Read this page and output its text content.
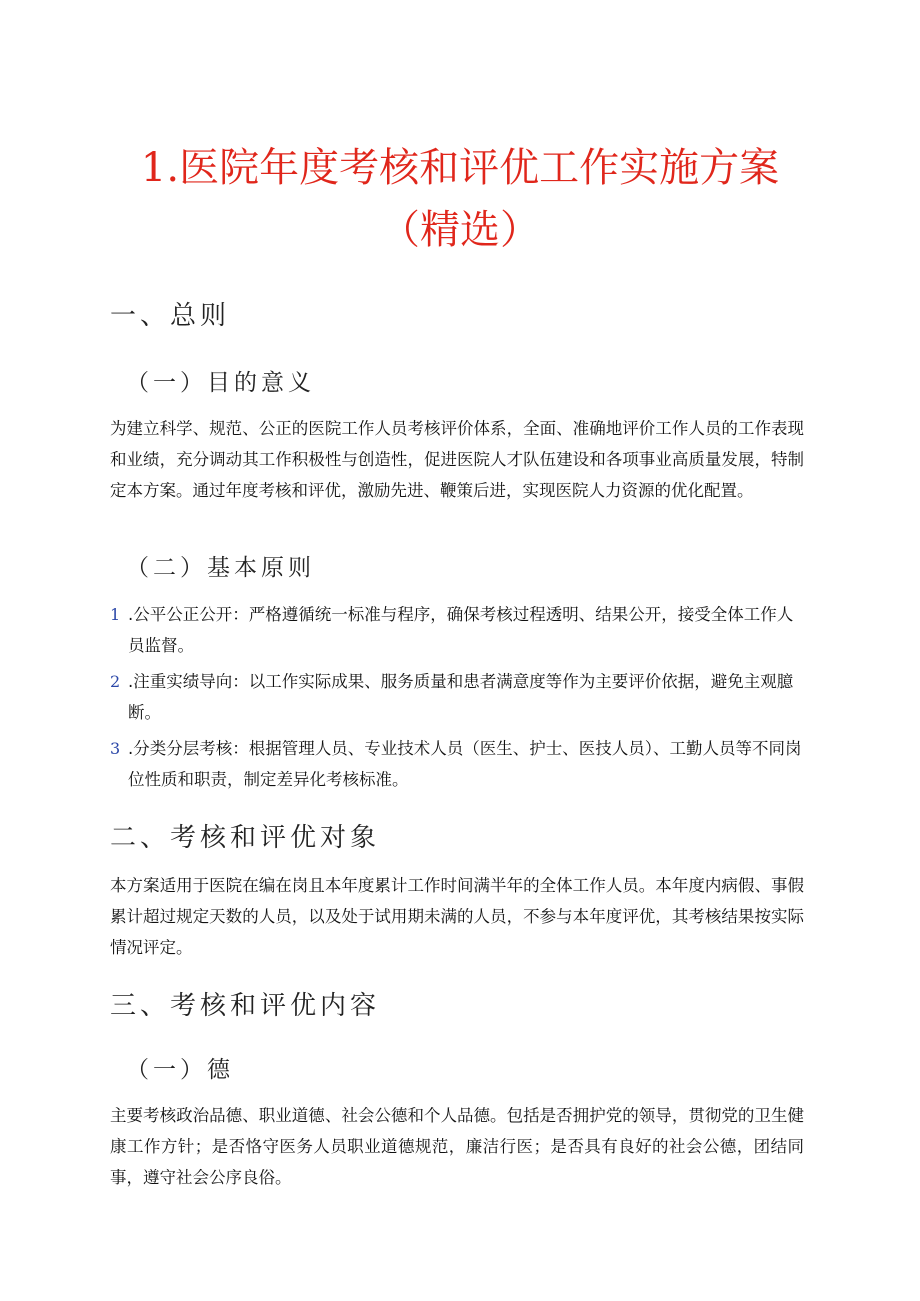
1.医院年度考核和评优工作实施方案
（精选）
一、总则
（一）目的意义

为建立科学、规范、公正的医院工作人员考核评价体系，全面、准确地评价工作人员的工作表现和业绩，充分调动其工作积极性与创造性，促进医院人才队伍建设和各项事业高质量发展，特制定本方案。通过年度考核和评优，激励先进、鞭策后进，实现医院人力资源的优化配置。

（二）基本原则
1 .公平公正公开：严格遵循统一标准与程序，确保考核过程透明、结果公开，接受全体工作人员监督。

2 .注重实绩导向：以工作实际成果、服务质量和患者满意度等作为主要评价依据，避免主观臆断。

3 .分类分层考核：根据管理人员、专业技术人员（医生、护士、医技人员）、工勤人员等不同岗位性质和职责，制定差异化考核标准。

二、考核和评优对象

本方案适用于医院在编在岗且本年度累计工作时间满半年的全体工作人员。本年度内病假、事假累计超过规定天数的人员，以及处于试用期未满的人员，不参与本年度评优，其考核结果按实际情况评定。

三、考核和评优内容
（一）德

主要考核政治品德、职业道德、社会公德和个人品德。包括是否拥护党的领导，贯彻党的卫生健康工作方针；是否恪守医务人员职业道德规范，廉洁行医；是否具有良好的社会公德，团结同事，遵守社会公序良俗。
